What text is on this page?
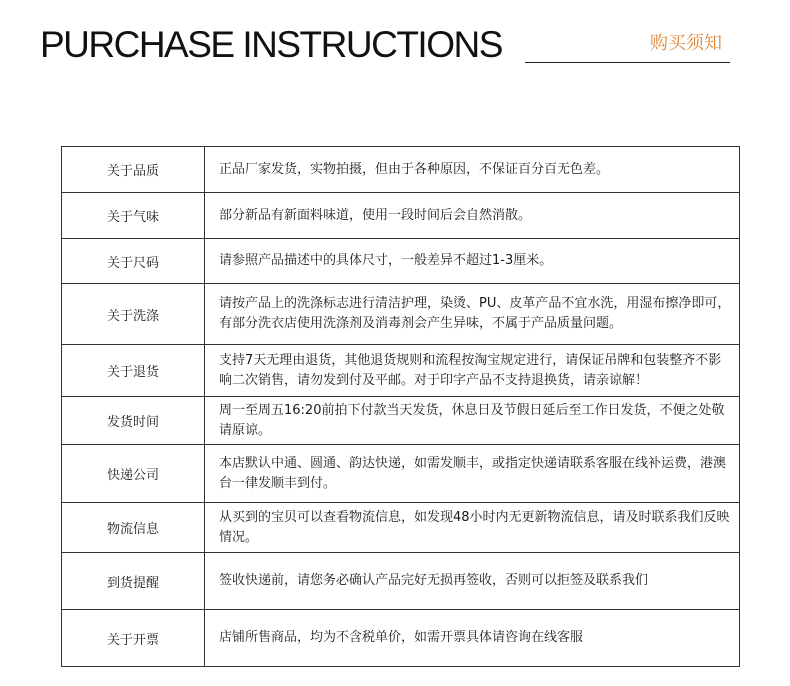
PURCHASE INSTRUCTIONS	购买须知
关于品质	正品厂家发货，实物拍摄，但由于各种原因，不保证百分百无色差。
关于气味	部分新品有新面料味道，使用一段时间后会自然消散。
关于尺码	请参照产品描述中的具体尺寸，一般差异不超过1-3厘米。
关于洗涤	请按产品上的洗涤标志进行清洁护理，染烫、PU、皮革产品不宜水洗，用湿布擦净即可，有部分洗衣店使用洗涤剂及消毒剂会产生异味，不属于产品质量问题。
关于退货	支持7天无理由退货，其他退货规则和流程按淘宝规定进行，请保证吊牌和包装整齐不影响二次销售，请勿发到付及平邮。对于印字产品不支持退换货，请亲谅解！
发货时间	周一至周五16:20前拍下付款当天发货，休息日及节假日延后至工作日发货，不便之处敬请原谅。
快递公司	本店默认中通、圆通、韵达快递，如需发顺丰，或指定快递请联系客服在线补运费，港澳台一律发顺丰到付。
物流信息	从买到的宝贝可以查看物流信息，如发现48小时内无更新物流信息，请及时联系我们反映情况。
到货提醒	签收快递前，请您务必确认产品完好无损再签收，否则可以拒签及联系我们
关于开票	店铺所售商品，均为不含税单价，如需开票具体请咨询在线客服
